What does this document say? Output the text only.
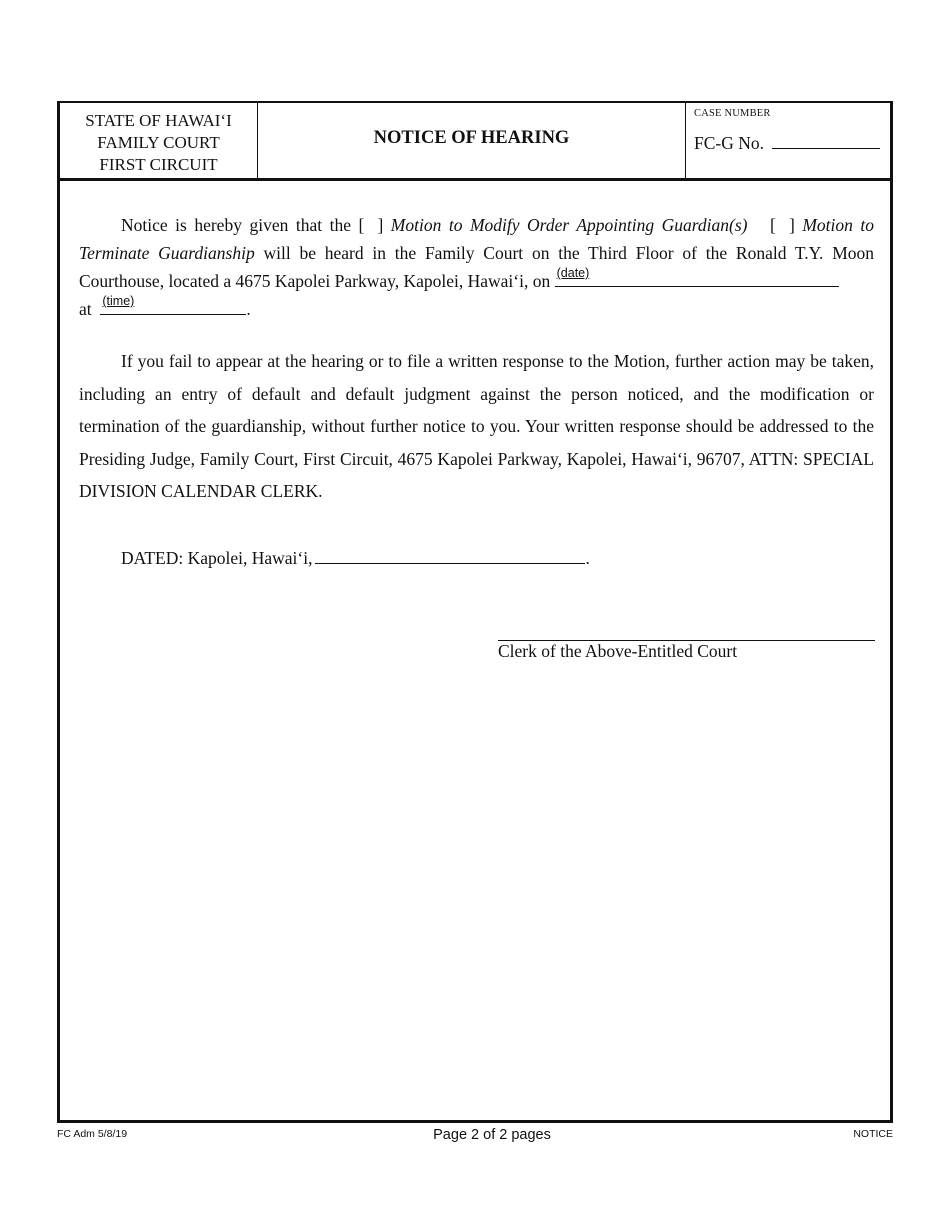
STATE OF HAWAI‘I
FAMILY COURT
FIRST CIRCUIT
NOTICE OF HEARING
CASE NUMBER
FC-G No.
Notice is hereby given that the [ ] Motion to Modify Order Appointing Guardian(s) [ ] Motion to Terminate Guardianship will be heard in the Family Court on the Third Floor of the Ronald T.Y. Moon Courthouse, located a 4675 Kapolei Parkway, Kapolei, Hawai‘i, on (date)

at (time)	.
If you fail to appear at the hearing or to file a written response to the Motion, further action may be taken, including an entry of default and default judgment against the person noticed, and the modification or termination of the guardianship, without further notice to you. Your written response should be addressed to the Presiding Judge, Family Court, First Circuit, 4675 Kapolei Parkway, Kapolei, Hawai‘i, 96707, ATTN: SPECIAL DIVISION CALENDAR CLERK.
DATED: Kapolei, Hawai‘i,	.
Clerk of the Above-Entitled Court
FC Adm 5/8/19	Page 2 of 2 pages	NOTICE
